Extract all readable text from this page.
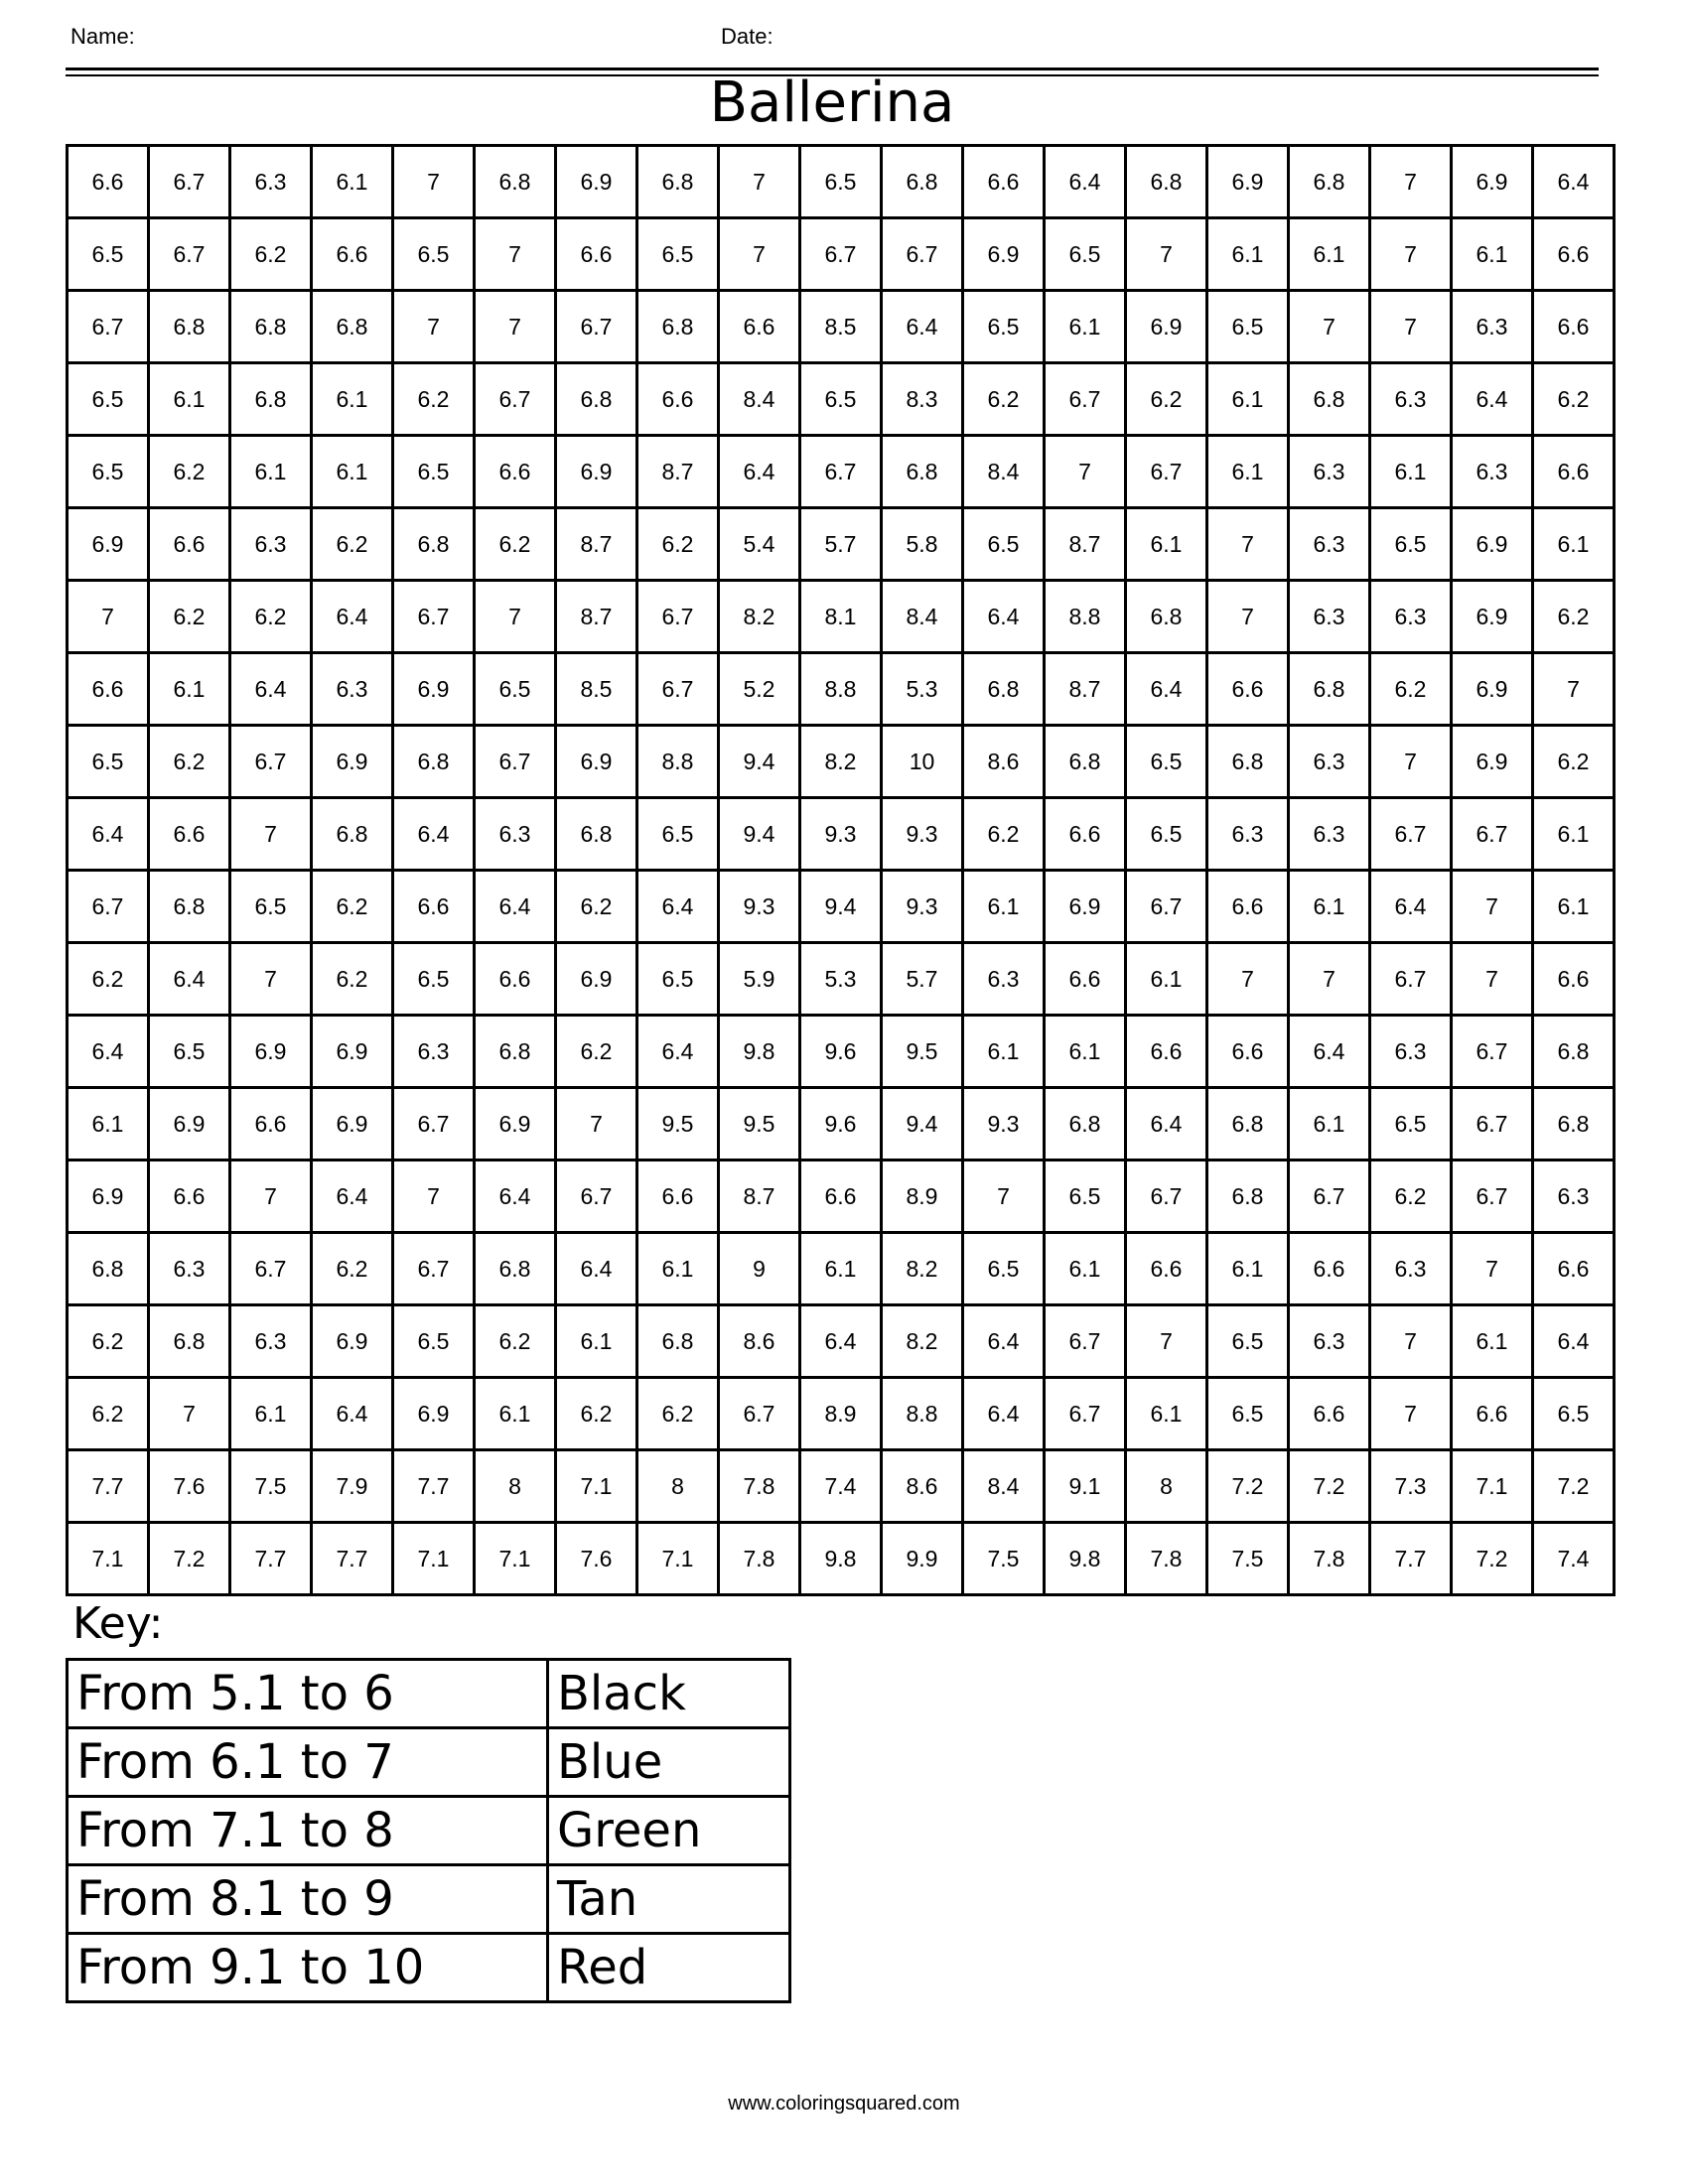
Name:	Date:
Ballerina
6.6	6.7	6.3	6.1	7	6.8	6.9	6.8	7	6.5	6.8	6.6	6.4	6.8	6.9	6.8	7	6.9	6.4
6.5	6.7	6.2	6.6	6.5	7	6.6	6.5	7	6.7	6.7	6.9	6.5	7	6.1	6.1	7	6.1	6.6
6.7	6.8	6.8	6.8	7	7	6.7	6.8	6.6	8.5	6.4	6.5	6.1	6.9	6.5	7	7	6.3	6.6
6.5	6.1	6.8	6.1	6.2	6.7	6.8	6.6	8.4	6.5	8.3	6.2	6.7	6.2	6.1	6.8	6.3	6.4	6.2
6.5	6.2	6.1	6.1	6.5	6.6	6.9	8.7	6.4	6.7	6.8	8.4	7	6.7	6.1	6.3	6.1	6.3	6.6
6.9	6.6	6.3	6.2	6.8	6.2	8.7	6.2	5.4	5.7	5.8	6.5	8.7	6.1	7	6.3	6.5	6.9	6.1
7	6.2	6.2	6.4	6.7	7	8.7	6.7	8.2	8.1	8.4	6.4	8.8	6.8	7	6.3	6.3	6.9	6.2
6.6	6.1	6.4	6.3	6.9	6.5	8.5	6.7	5.2	8.8	5.3	6.8	8.7	6.4	6.6	6.8	6.2	6.9	7
6.5	6.2	6.7	6.9	6.8	6.7	6.9	8.8	9.4	8.2	10	8.6	6.8	6.5	6.8	6.3	7	6.9	6.2
6.4	6.6	7	6.8	6.4	6.3	6.8	6.5	9.4	9.3	9.3	6.2	6.6	6.5	6.3	6.3	6.7	6.7	6.1
6.7	6.8	6.5	6.2	6.6	6.4	6.2	6.4	9.3	9.4	9.3	6.1	6.9	6.7	6.6	6.1	6.4	7	6.1
6.2	6.4	7	6.2	6.5	6.6	6.9	6.5	5.9	5.3	5.7	6.3	6.6	6.1	7	7	6.7	7	6.6
6.4	6.5	6.9	6.9	6.3	6.8	6.2	6.4	9.8	9.6	9.5	6.1	6.1	6.6	6.6	6.4	6.3	6.7	6.8
6.1	6.9	6.6	6.9	6.7	6.9	7	9.5	9.5	9.6	9.4	9.3	6.8	6.4	6.8	6.1	6.5	6.7	6.8
6.9	6.6	7	6.4	7	6.4	6.7	6.6	8.7	6.6	8.9	7	6.5	6.7	6.8	6.7	6.2	6.7	6.3
6.8	6.3	6.7	6.2	6.7	6.8	6.4	6.1	9	6.1	8.2	6.5	6.1	6.6	6.1	6.6	6.3	7	6.6
6.2	6.8	6.3	6.9	6.5	6.2	6.1	6.8	8.6	6.4	8.2	6.4	6.7	7	6.5	6.3	7	6.1	6.4
6.2	7	6.1	6.4	6.9	6.1	6.2	6.2	6.7	8.9	8.8	6.4	6.7	6.1	6.5	6.6	7	6.6	6.5
7.7	7.6	7.5	7.9	7.7	8	7.1	8	7.8	7.4	8.6	8.4	9.1	8	7.2	7.2	7.3	7.1	7.2
7.1	7.2	7.7	7.7	7.1	7.1	7.6	7.1	7.8	9.8	9.9	7.5	9.8	7.8	7.5	7.8	7.7	7.2	7.4
Key:
From 5.1 to 6	Black
From 6.1 to 7	Blue
From 7.1 to 8	Green
From 8.1 to 9	Tan
From 9.1 to 10	Red
www.coloringsquared.com
